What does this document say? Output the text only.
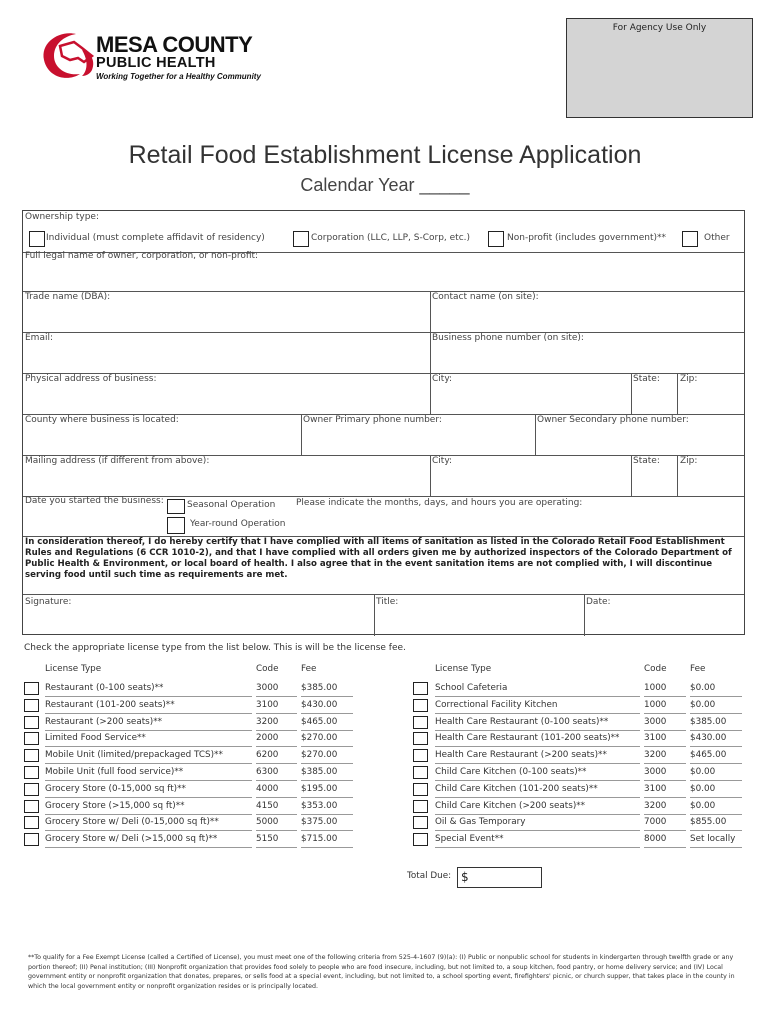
MESA COUNTY
PUBLIC HEALTH
Working Together for a Healthy Community
For Agency Use Only
Retail Food Establishment License Application
Calendar Year _____
Ownership type:
Individual (must complete affidavit of residency)	Corporation (LLC, LLP, S-Corp, etc.)	Non-profit (includes government)**	Other
Full legal name of owner, corporation, or non-profit:
Trade name (DBA):	Contact name (on site):
Email:	Business phone number (on site):
Physical address of business:	City:	State: Zip:
County where business is located:	Owner Primary phone number:	Owner Secondary phone number:
Mailing address (if different from above):	City:	State: Zip:
Date you started the business:	Seasonal Operation
Year-round Operation
Please indicate the months, days, and hours you are operating:
In consideration thereof, I do hereby certify that I have complied with all items of sanitation as listed in the Colorado Retail Food Establishment Rules and Regulations (6 CCR 1010-2), and that I have complied with all orders given me by authorized inspectors of the Colorado Department of Public Health & Environment, or local board of health. I also agree that in the event sanitation items are not complied with, I will discontinue serving food until such time as requirements are met.
Signature:	Title:	Date:
Check the appropriate license type from the list below. This is will be the license fee.
License Type	Code	Fee	License Type	Code	Fee
Restaurant (0-100 seats)**	3000	$385.00
Restaurant (101-200 seats)**	3100	$430.00
Restaurant (>200 seats)**	3200	$465.00
Limited Food Service**	2000	$270.00
Mobile Unit (limited/prepackaged TCS)**	6200	$270.00
Mobile Unit (full food service)**	6300	$385.00
Grocery Store (0-15,000 sq ft)**	4000	$195.00
Grocery Store (>15,000 sq ft)**	4150	$353.00
Grocery Store w/ Deli (0-15,000 sq ft)**	5000	$375.00
Grocery Store w/ Deli (>15,000 sq ft)**	5150	$715.00
School Cafeteria	1000	$0.00
Correctional Facility Kitchen	1000	$0.00
Health Care Restaurant (0-100 seats)**	3000	$385.00
Health Care Restaurant (101-200 seats)**	3100	$430.00
Health Care Restaurant (>200 seats)**	3200	$465.00
Child Care Kitchen (0-100 seats)**	3000	$0.00
Child Care Kitchen (101-200 seats)**	3100	$0.00
Child Care Kitchen (>200 seats)**	3200	$0.00
Oil & Gas Temporary	7000	$855.00
Special Event**	8000	Set locally
Total Due: $
**To qualify for a Fee Exempt License (called a Certified of License), you must meet one of the following criteria from 525-4-1607 (9)(a): (I) Public or nonpublic school for students in kindergarten through twelfth grade or any portion thereof; (II) Penal institution; (III) Nonprofit organization that provides food solely to people who are food insecure, including, but not limited to, a soup kitchen, food pantry, or home delivery service; and (IV) Local government entity or nonprofit organization that donates, prepares, or sells food at a special event, including, but not limited to, a school sporting event, firefighters' picnic, or church supper, that takes place in the county in which the local government entity or nonprofit organization resides or is principally located.
